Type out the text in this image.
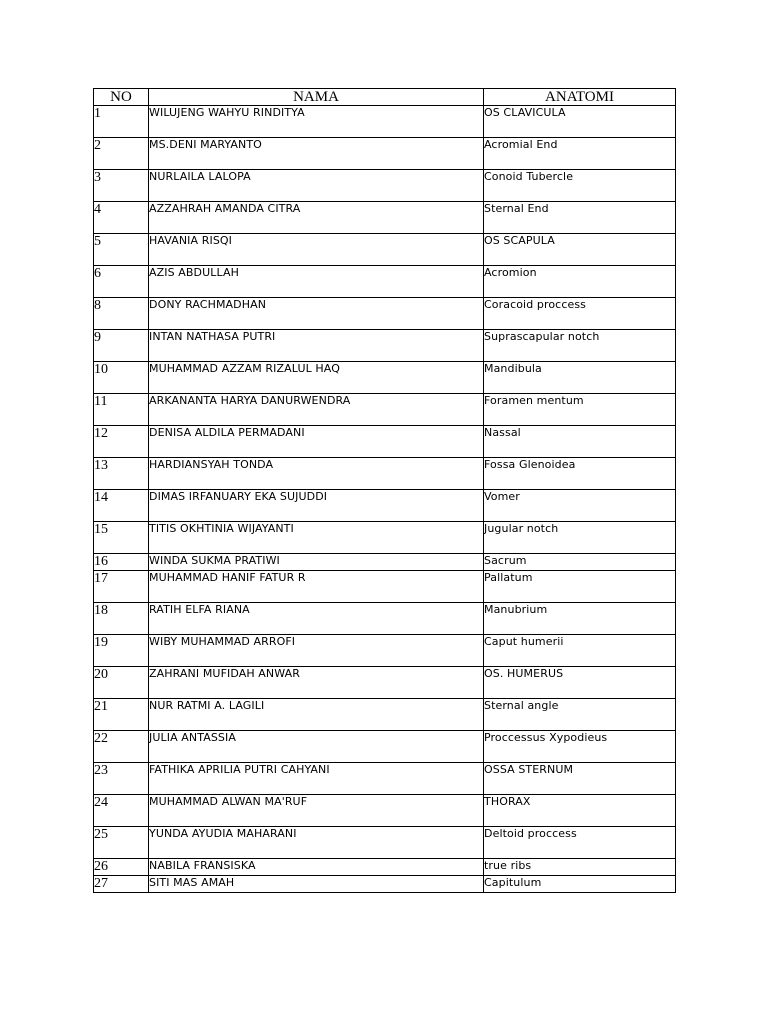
NO	NAMA	ANATOMI
1	WILUJENG WAHYU RINDITYA	OS CLAVICULA
2	MS.DENI MARYANTO	Acromial End
3	NURLAILA LALOPA	Conoid Tubercle
4	AZZAHRAH AMANDA CITRA	Sternal End
5	HAVANIA RISQI	OS SCAPULA
6	AZIS ABDULLAH	Acromion
8	DONY RACHMADHAN	Coracoid proccess
9	INTAN NATHASA PUTRI	Suprascapular notch
10	MUHAMMAD AZZAM RIZALUL HAQ	Mandibula
11	ARKANANTA HARYA DANURWENDRA	Foramen mentum
12	DENISA ALDILA PERMADANI	Nassal
13	HARDIANSYAH TONDA	Fossa Glenoidea
14	DIMAS IRFANUARY EKA SUJUDDI	Vomer
15	TITIS OKHTINIA WIJAYANTI	Jugular notch
16	WINDA SUKMA PRATIWI	Sacrum
17	MUHAMMAD HANIF FATUR R	Pallatum
18	RATIH ELFA RIANA	Manubrium
19	WIBY MUHAMMAD ARROFI	Caput humerii
20	ZAHRANI MUFIDAH ANWAR	OS. HUMERUS
21	NUR RATMI A. LAGILI	Sternal angle
22	JULIA ANTASSIA	Proccessus Xypodieus
23	FATHIKA APRILIA PUTRI CAHYANI	OSSA STERNUM
24	MUHAMMAD ALWAN MA'RUF	THORAX
25	YUNDA AYUDIA MAHARANI	Deltoid proccess
26	NABILA FRANSISKA	true ribs
27	SITI MAS AMAH	Capitulum
